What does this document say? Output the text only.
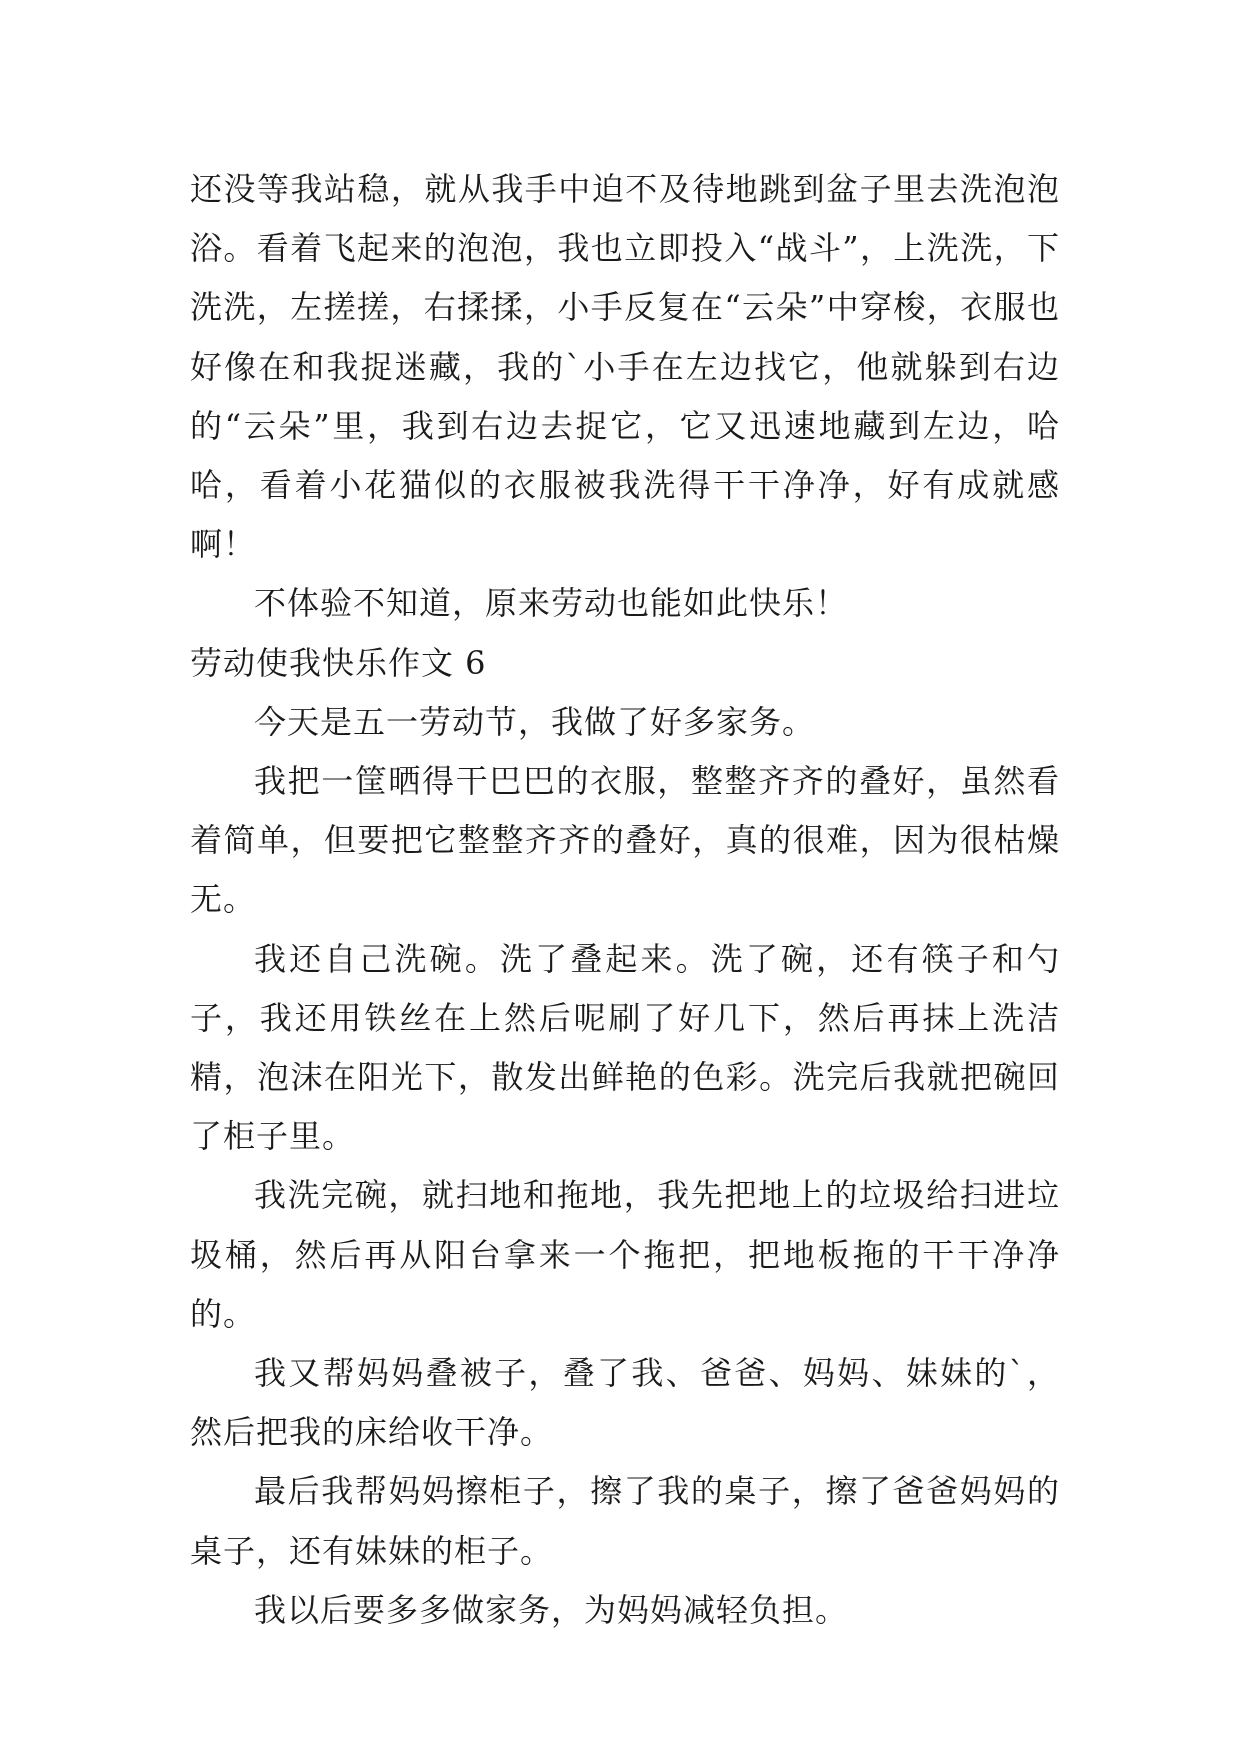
还没等我站稳，就从我手中迫不及待地跳到盆子里去洗泡泡浴。看着飞起来的泡泡，我也立即投入“战斗”，上洗洗，下洗洗，左搓搓，右揉揉，小手反复在“云朵”中穿梭，衣服也好像在和我捉迷藏，我的`小手在左边找它，他就躲到右边的“云朵”里，我到右边去捉它，它又迅速地藏到左边，哈哈，看着小花猫似的衣服被我洗得干干净净，好有成就感啊！

不体验不知道，原来劳动也能如此快乐！

劳动使我快乐作文 6

今天是五一劳动节，我做了好多家务。

我把一筐晒得干巴巴的衣服，整整齐齐的叠好，虽然看着简单，但要把它整整齐齐的叠好，真的很难，因为很枯燥无。

我还自己洗碗。洗了叠起来。洗了碗，还有筷子和勺子，我还用铁丝在上然后呢刷了好几下，然后再抹上洗洁精，泡沫在阳光下，散发出鲜艳的色彩。洗完后我就把碗回了柜子里。

我洗完碗，就扫地和拖地，我先把地上的垃圾给扫进垃圾桶，然后再从阳台拿来一个拖把，把地板拖的干干净净的。

我又帮妈妈叠被子，叠了我、爸爸、妈妈、妹妹的`，然后把我的床给收干净。

最后我帮妈妈擦柜子，擦了我的桌子，擦了爸爸妈妈的桌子，还有妹妹的柜子。

我以后要多多做家务，为妈妈减轻负担。
